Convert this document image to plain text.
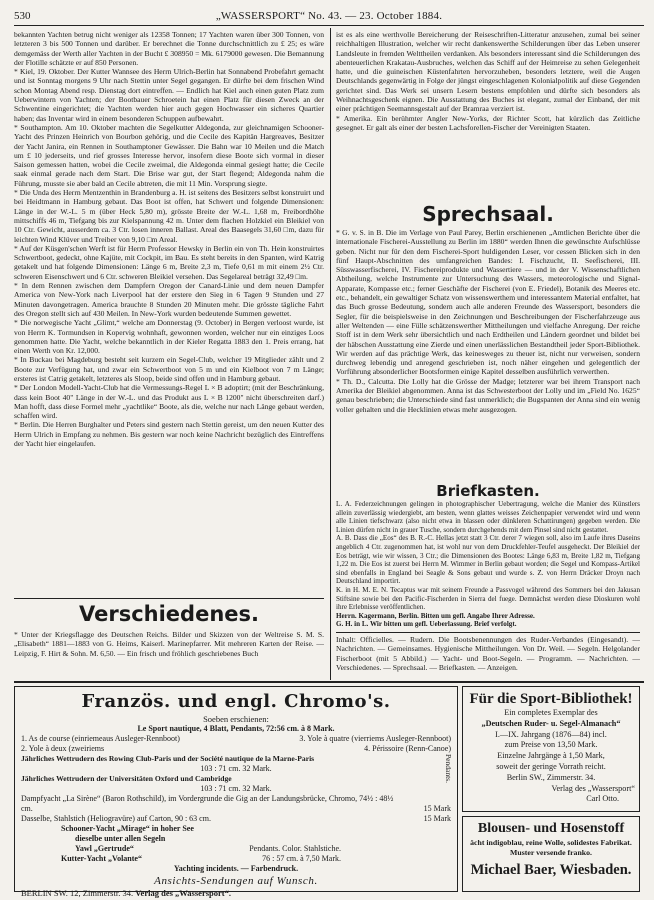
530	„WASSERSPORT“ No. 43. — 23. October 1884.

bekannten Yachten betrug nicht weniger als 12358 Tonnen; 17 Yachten waren über 300 Tonnen, von letzteren 3 bis 500 Tonnen und darüber. Er berechnet die Tonne durchschnittlich zu £ 25; es wäre demgemäss der Werth aller Yachten in der Bucht £ 308950 = Mk. 6179000 gewesen. Die Bemannung der Flotille schätzte er auf 850 Personen.

* Kiel, 19. Oktober. Der Kutter Wannsee des Herrn Ulrich-Berlin hat Sonnabend Probefahrt gemacht und ist Sonntag morgens 9 Uhr nach Stettin unter Segel gegangen. Er dürfte bei dem frischen Wind schon Montag Abend resp. Dienstag dort eintreffen. — Endlich hat Kiel auch einen guten Platz zum Ueberwintern von Yachten; der Bootbauer Schroetein hat einen Platz für diesen Zweck an der Schwentine eingerichtet; die Yachten werden hier auch gegen Hochwasser ein sicheres Quartier haben; das Inventar wird in einem besonderen Schuppen aufbewahrt.

* Southampton. Am 10. Oktober machten die Segelkutter Aldegonda, zur gleichnamigen Schooner-Yacht des Prinzen Heinrich von Bourbon gehörig, und die Cecile des Kapitän Hargreaves, Besitzer der Yacht Janira, ein Rennen in Southamptoner Gewässer. Die Bahn war 10 Meilen und die Match um £ 10 jederseits, und rief grosses Interesse hervor, insofern diese Boote sich vormal in dieser Saison gemessen hatten, wobei die Cecile zweimal, die Aldegonda einmal gesiegt hatte; die Cecile saak einmal gerade nach dem Start. Die Brise war gut, der Start flegend; Aldegonda nahm die Führung, musste sie aber bald an Cecile abtreten, die mit 11 Min. Vorsprung siegte.

* Die Unda des Herrn Mentzenthin in Brandenburg a. H. ist seitens des Besitzers selbst konstruirt und bei Heidtmann in Hamburg gebaut. Das Boot ist offen, hat Schwert und folgende Dimensionen: Länge in der W.-L. 5 m (über Heck 5,80 m), grösste Breite der W.-L. 1,68 m, Freibordhöhe mittschiffs 46 m, Tiefgang bis zur Kielspannung 42 m. Unter dem flachen Holzkiel ein Bleikiel von 10 Ctr. Gewicht, ausserdem ca. 3 Ctr. losen inneren Ballast. Areal des Baasegels 31,60 □m, dazu für leichten Wind Klüver und Treiber von 9,10 □m Areal.

* Auf der Küsgen'schen Werft ist für Herrn Professor Hewsky in Berlin ein von Th. Hein konstruirtes Schwertboot, gedeckt, ohne Kajüte, mit Cockpit, im Bau. Es steht bereits in den Spanten, wird Katrig getakelt und hat folgende Dimensionen: Länge 6 m, Breite 2,3 m, Tiefe 0,61 m mit einem 2½ Ctr. schweren Eisenschwert und 6 Ctr. schweren Bleikiel versehen. Das Segelareal beträgt 32,49 □m.

* In dem Rennen zwischen dem Dampfern Oregon der Canard-Linie und dem neuen Dampfer America von New-York nach Liverpool hat der erstere den Sieg in 6 Tagen 9 Stunden und 27 Minuten davongetragen. America brauchte 8 Stunden 20 Minuten mehr. Die grösste tägliche Fahrt des Oregon stellt sich auf 430 Meilen. In New-York wurden bedeutende Summen gewettet.

* Die norwegische Yacht „Glimt,“ welche am Donnerstag (9. October) in Bergen verloost wurde, ist von Herrn K. Tormundsen in Kopervig wohnhaft, gewonnen worden, welcher nur ein einziges Loos genommen hatte. Die Yacht, welche bekanntlich in der Kieler Regatta 1883 den 1. Preis errang, hat einen Werth von Kr. 12,000.

* In Buckau bei Magdeburg besteht seit kurzem ein Segel-Club, welcher 19 Mitglieder zählt und 2 Boote zur Verfügung hat, und zwar ein Schwertboot von 5 m und ein Kielboot von 7 m Länge; ersteres ist Catrig getakelt, letzteres als Sloop, beide sind offen und in Hamburg gebaut.

* Der London Modell-Yacht-Club hat die Vermessungs-Regel L × B adoptirt; (mit der Beschränkung, dass kein Boot 40" Länge in der W.-L. und das Produkt aus L × B 1200" nicht überschreiten darf.) Man hofft, dass diese Formel mehr „yachtlike“ Boote, als die, welche nur nach Länge gebaut werden, schaffen wird.

* Berlin. Die Herren Burghalter und Peters sind gestern nach Stettin gereist, um den neuen Kutter des Herrn Ulrich in Empfang zu nehmen. Bis gestern war noch keine Nachricht bezüglich des Eintreffens der Yacht hier eingelaufen.

Verschiedenes.

* Unter der Kriegsflagge des Deutschen Reichs. Bilder und Skizzen von der Weltreise S. M. S. „Elisabeth“ 1881—1883 von G. Heims, Kaiserl. Marinepfarrer. Mit mehreren Karten der Reise. — Leipzig, F. Hirt & Sohn. M. 6,50. — Ein frisch und fröhlich geschriebenes Buch

ist es als eine werthvolle Bereicherung der Reiseschriften-Litteratur anzusehen, zumal bei seiner reichhaltigen Illustration, welcher wir recht dankenswerthe Schilderungen über das Leben unserer Landsleute in fremden Welttheilen verdanken. Als besonders interessant sind die Schilderungen des abenteuerlichen Krakatau-Ausbruches, welchen das Schiff auf der Heimreise zu sehen Gelegenheit hatte, und die guineischen Küstenfahrten hervorzuheben, besonders letztere, weil die Augen Deutschlands gegenwärtig in Folge der jüngst eingeschlagenen Kolonialpolitik auf diese Gegenden gerichtet sind. Das Werk sei unsern Lesern bestens empfohlen und dürfte sich besonders als Weihnachtsgeschenk eignen. Die Ausstattung des Buches ist elegant, zumal der Einband, der mit einer prächtigen Seemannsgestalt auf der Bramraa verziert ist.

* Amerika. Ein berühmter Angler New-Yorks, der Richter Scott, hat kürzlich das Zeitliche gesegnet. Er galt als einer der besten Lachsforellen-Fischer der Vereinigten Staaten.

Sprechsaal.

* G. v. S. in B. Die im Verlage von Paul Parey, Berlin erschienenen „Amtlichen Berichte über die internationale Fischerei-Ausstellung zu Berlin im 1880“ werden Ihnen die gewünschte Aufschlüsse geben. Nicht nur für den dem Fischerei-Sport huldigenden Leser, vor cessen Blicken sich in den fünf Haupt-Abschnitten des umfangreichen Bandes: I. Fischzucht, II. Seefischerei, III. Süsswasserfischerei, IV. Fischereiprodukte und Wassertiere — und in der V. Wissenschaftlichen Abtheilung, welche Instrumente zur Untersuchung des Wassers, meteorologische und Signal-Apparate, Kompasse etc.; ferner Geschäfte der Fischerei (von E. Friedel), Botanik des Meeres etc. etc., behandelt, ein gewaltiger Schatz von wissenswerthem und interessantem Material entfaltet, hat das Buch grosse Bedeutung, sondern auch alle anderen Freunde des Wassersport, besonders die Segler, für die beispielsweise in den Zeichnungen und Beschreibungen der Fischerfahrzeuge aus aller Weltenden — eine Fülle schätzenswerther Mittheilungen und vielfache Anregung. Der reiche Stoff ist in dem Werk sehr übersichtlich und nach Erdtheilen und Ländern geordnet und bildet bei der häbschen Ausstattung eine Zierde und einen unerlässlichen Bestandtheil jeder Sport-Bibliothek. Wir werden auf das prächtige Werk, das keinesweges zu theuer ist, nicht nur verweisen, sondern durchweg lebendig und anregend geschrieben ist, noch näher eingehen und gelegentlich der Vorführung absonderlicher Bootsformen einige Kapitel desselben ausführlich verwerthen.

* Th. D., Calcutta. Die Lolly hat die Grösse der Madge; letzterer war bei ihrem Transport nach Amerika der Bleikiel abgenommen. Anna ist das Schwesterboot der Lolly und im „Field No. 1625“ genau beschrieben; die Unterschiede sind fast unmerklich; die Bugspanten der Anna sind ein wenig voller gehalten und die Hecklinien etwas mehr ausgezogen.

Briefkasten.

L. A. Federzeichnungen gelingen in photographischer Uebertragung, welche die Manier des Künstlers allein zuverlässig wiedergiebt, am besten, wenn glattes weisses Zeichenpapier verwendet wird und wenn alle Linien tiefschwarz (also nicht etwa in blassen oder dünkleren Schattirungen) gegeben werden. Die Linien dürfen nicht in grauer Tusche, sondern durchgehends mit dem Pinsel sind nicht gestattet.

A. B. Dass die „Eos“ des B. R.-C. Hellas jetzt statt 3 Ctr. derer 7 wiegen soll, also im Laufe ihres Daseins angeblich 4 Ctr. zugenommen hat, ist wohl nur von dem Druckfehler-Teufel ausgeheckt. Der Bleikiel der Eos beträgt, wie wir wissen, 3 Ctr.; die Dimensionen des Bootes: Länge 6,83 m, Breite 1,82 m, Tiefgang 1,22 m. Die Eos ist zuerst bei Herrn M. Wimmer in Berlin gebaut worden; die Segel und Kompass-Artikel sind ebenfalls in England bei Seagle & Sons gebaut und wurde s. Z. von Herrn Dräcker Droyn nach Deutschland importirt.

K. in H. M. E. N. Tecaptus war mit seinem Freunde a Passvogel während des Sommers bei den Jakusan Stiftsine sowie bei den Pacific-Fischerden in Sierra del fuege. Demnächst werden diese Dioskuren wohl ihre Erlebnisse veröffentlichen.

Herrn. Kagermann, Berlin. Bitten um gefl. Angabe Ihrer Adresse.

G. H. in L. Wir bitten um gefl. Ueberlassung. Brief verfolgt.

Inhalt: Officielles. — Rudern. Die Bootsbenennungen des Ruder-Verbandes (Eingesandt). — Nachrichten. — Gemeinsames. Hygienische Mittheilungen. Von Dr. Weil. — Segeln. Helgolander Fischerboot (mit 5 Abbild.) — Yacht- und Boot-Segeln. — Programm. — Nachrichten. — Verschiedenes. — Sprechsaal. — Briefkasten. — Anzeigen.

Französ. und engl. Chromo's.
Soeben erschienen:
Le Sport nautique, 4 Blatt, Pendants, 72:56 cm. à 8 Mark.
1. As de course (einriemeaus Ausleger-Rennboot)	3. Yole à quatre (vierriems Ausleger-Rennboot)
2. Yole à deux (zweiriems	4. Périssoire (Renn-Canoe)
Jährliches Wettrudern des Rowing Club-Paris und der Société nautique de la Marne-Paris
103 : 71 cm. 32 Mark.
Jährliches Wettrudern der Universitäten Oxford und Cambridge
103 : 71 cm. 32 Mark.
Dampfyacht „La Sirène“ (Baron Rothschild), im Vordergrunde die Gig an der Landungsbrücke, Chromo, 74½ : 48½ cm.	15 Mark
Dasselbe, Stahlstich (Heliogravüre) auf Carton, 90 : 63 cm.	15 Mark
Schooner-Yacht „Mirage“ in hoher See
dieselbe unter allen Segeln
Yawl „Gertrude“	Pendants. Color. Stahlstiche.
Kutter-Yacht „Volante“	76 : 57 cm. à 7,50 Mark.
Yachting incidents. — Farbendruck.
Pendants.
Ansichts-Sendungen auf Wunsch.
BERLIN SW. 12, Zimmerstr. 34. Verlag des „Wassersport“.
Für die Sport-Bibliothek!
Ein completes Exemplar des
„Deutschen Ruder- u. Segel-Almanach“
I.—IX. Jahrgang (1876—84) incl.
zum Preise von 13,50 Mark.
Einzelne Jahrgänge à 1,50 Mark,
soweit der geringe Vorrath reicht.
Berlin SW., Zimmerstr. 34.
Verlag des „Wassersport“
Carl Otto.
Blousen- und Hosenstoff
ächt indigoblau, reine Wolle, solidestes Fabrikat.
Muster versende franko.
Michael Baer, Wiesbaden.
